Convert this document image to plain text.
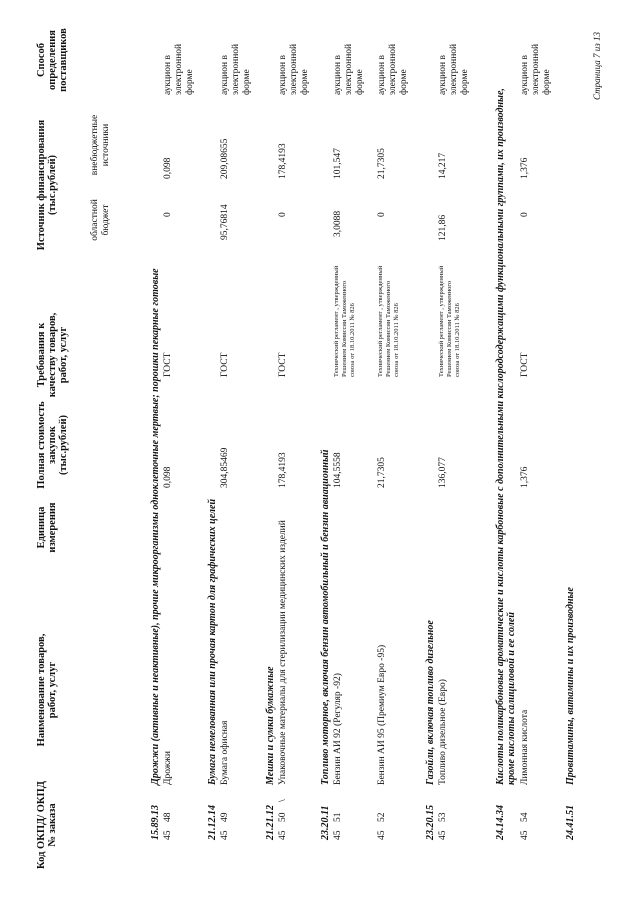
Код ОКПД/ ОКПД № заказа
Наименование товаров, работ, услуг
Единица измерения
Полная стоимость закупок (тыс.рублей)
Требования к качеству товаров, работ, услуг
Источник финансирования (тыс.рублей)
областной бюджет
внебюджетные источники
Способ определения поставщиков
15.89.13
Дрожжи (активные и неактивные), прочие микроорганизмы одноклеточные мертвые; порошки пекарные готовые
45
48
Дрожжи
0,098
ГОСТ
0
0,098
аукцион в электронной форме
21.12.14
Бумага немелованная или прочая картон для графических целей
45
49
Бумага офисная
304,85469
ГОСТ
95,76814
209,08655
аукцион в электронной форме
21.21.12
Мешки и сумки бумажные
45
50
\
Упаковочные материалы для стерилизации медицинских изделий
178,4193
ГОСТ
0
178,4193
аукцион в электронной форме
23.20.11
Топливо моторное, включая бензин автомобильный и бензин авиационный
45
51
Бензин АИ 92 (Регуляр -92)
104,5558
Технический регламент , утвержденный Решением Комиссии Таможенного союза от 18.10.2011 № 826
3,0088
101,547
аукцион в электронной форме
45
52
Бензин АИ 95 (Премиум Евро -95)
21,7305
Технический регламент , утвержденный Решением Комиссии Таможенного союза от 18.10.2011 № 826
0
21,7305
аукцион в электронной форме
23.20.15
Газойли, включая топливо дизельное
45
53
Топливо дизельное (Евро)
136,077
Технический регламент , утвержденный Решением Комиссии Таможенного союза от 18.10.2011 № 826
121,86
14,217
аукцион в электронной форме
24.14.34
Кислоты поликарбоновые ароматические и кислоты карбоновые с дополнительными кислородсодержащими функциональными группами, их производные, кроме кислоты салициловой и ее солей
45
54
Лимонная кислота
1,376
ГОСТ
0
1,376
аукцион в электронной форме
24.41.51
Провитамины, витамины и их производные
Страница 7 из 13
